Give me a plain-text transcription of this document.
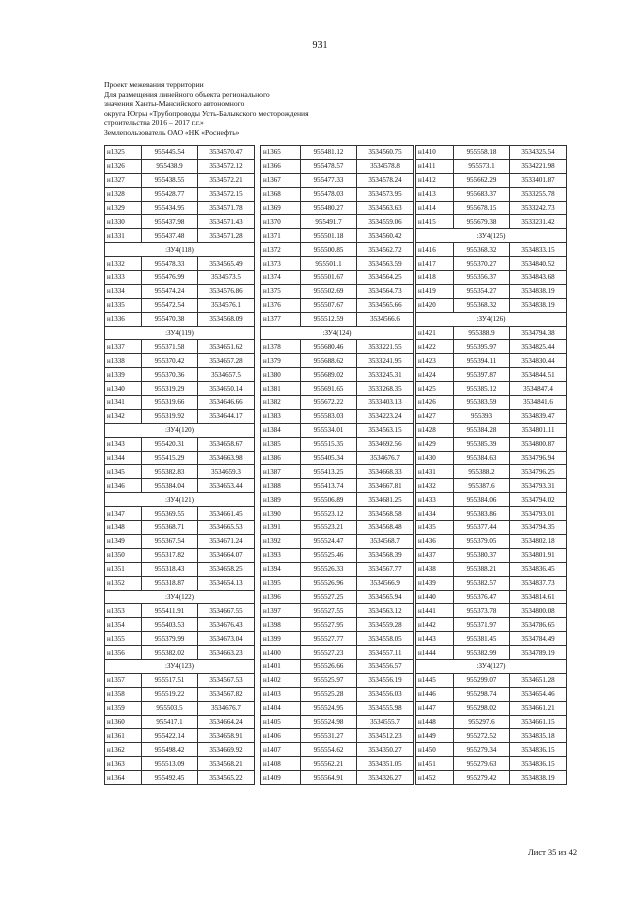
931
Проект межевания территории
Для размещения линейного объекта регионального
значения Ханты-Мансийского автономного
округа Югры «Трубопроводы Усть-Балыкского месторождения
строительства 2016 – 2017 г.г.»
Землепользователь ОАО «НК «Роснефть»
н1325	955445.54	3534570.47
н1326	955438.9	3534572.12
н1327	955438.55	3534572.21
н1328	955428.77	3534572.15
н1329	955434.95	3534571.78
н1330	955437.98	3534571.43
н1331	955437.48	3534571.28
:ЗУ4(118)		
н1332	955478.33	3534565.49
н1333	955476.99	3534573.5
н1334	955474.24	3534576.86
н1335	955472.54	3534576.1
н1336	955470.38	3534568.09
:ЗУ4(119)		
н1337	955371.58	3534651.62
н1338	955370.42	3534657.28
н1339	955370.36	3534657.5
н1340	955319.29	3534650.14
н1341	955319.66	3534646.66
н1342	955319.92	3534644.17
:ЗУ4(120)		
н1343	955420.31	3534658.67
н1344	955415.29	3534663.98
н1345	955382.83	3534659.3
н1346	955384.04	3534653.44
:ЗУ4(121)		
н1347	955369.55	3534661.45
н1348	955368.71	3534665.53
н1349	955367.54	3534671.24
н1350	955317.82	3534664.07
н1351	955318.43	3534658.25
н1352	955318.87	3534654.13
:ЗУ4(122)		
н1353	955411.91	3534667.55
н1354	955403.53	3534676.43
н1355	955379.99	3534673.04
н1356	955382.02	3534663.23
:ЗУ4(123)		
н1357	955517.51	3534567.53
н1358	955519.22	3534567.82
н1359	955503.5	3534676.7
н1360	955417.1	3534664.24
н1361	955422.14	3534658.91
н1362	955498.42	3534669.92
н1363	955513.09	3534568.21
н1364	955492.45	3534565.22
н1365	955481.12	3534560.75
н1366	955478.57	3534578.8
н1367	955477.33	3534578.24
н1368	955478.03	3534573.95
н1369	955480.27	3534563.63
н1370	955491.7	3534559.06
н1371	955501.18	3534560.42
н1372	955500.85	3534562.72
н1373	955501.1	3534563.59
н1374	955501.67	3534564.25
н1375	955502.69	3534564.73
н1376	955507.67	3534565.66
н1377	955512.59	3534566.6
:ЗУ4(124)		
н1378	955680.46	3533221.55
н1379	955688.62	3533241.95
н1380	955689.02	3533245.31
н1381	955691.65	3533268.35
н1382	955672.22	3533403.13
н1383	955583.03	3534223.24
н1384	955534.01	3534563.15
н1385	955515.35	3534692.56
н1386	955405.34	3534676.7
н1387	955413.25	3534668.33
н1388	955413.74	3534667.81
н1389	955506.89	3534681.25
н1390	955523.12	3534568.58
н1391	955523.21	3534568.48
н1392	955524.47	3534568.7
н1393	955525.46	3534568.39
н1394	955526.33	3534567.77
н1395	955526.96	3534566.9
н1396	955527.25	3534565.94
н1397	955527.55	3534563.12
н1398	955527.95	3534559.28
н1399	955527.77	3534558.05
н1400	955527.23	3534557.11
н1401	955526.66	3534556.57
н1402	955525.97	3534556.19
н1403	955525.28	3534556.03
н1404	955524.95	3534555.98
н1405	955524.98	3534555.7
н1406	955531.27	3534512.23
н1407	955554.62	3534350.27
н1408	955562.21	3534351.05
н1409	955564.91	3534326.27
н1410	955558.18	3534325.54
н1411	955573.1	3534221.98
н1412	955662.29	3533401.87
н1413	955683.37	3533255.78
н1414	955678.15	3533242.73
н1415	955679.38	3533231.42
:ЗУ4(125)		
н1416	955368.32	3534833.15
н1417	955370.27	3534840.52
н1418	955356.37	3534843.68
н1419	955354.27	3534838.19
н1420	955368.32	3534838.19
:ЗУ4(126)		
н1421	955388.9	3534794.38
н1422	955395.97	3534825.44
н1423	955394.11	3534830.44
н1424	955397.87	3534844.51
н1425	955385.12	3534847.4
н1426	955383.59	3534841.6
н1427	955393	3534839.47
н1428	955384.28	3534801.11
н1429	955385.39	3534800.87
н1430	955384.63	3534796.94
н1431	955388.2	3534796.25
н1432	955387.6	3534793.31
н1433	955384.06	3534794.02
н1434	955383.86	3534793.01
н1435	955377.44	3534794.35
н1436	955379.05	3534802.18
н1437	955380.37	3534801.91
н1438	955388.21	3534836.45
н1439	955382.57	3534837.73
н1440	955376.47	3534814.61
н1441	955373.78	3534800.08
н1442	955371.97	3534786.65
н1443	955381.45	3534784.49
н1444	955382.99	3534789.19
:ЗУ4(127)		
н1445	955299.07	3534651.28
н1446	955298.74	3534654.46
н1447	955298.02	3534661.21
н1448	955297.6	3534661.15
н1449	955272.52	3534835.18
н1450	955279.34	3534836.15
н1451	955279.63	3534836.15
н1452	955279.42	3534838.19
Лист 35 из 42
